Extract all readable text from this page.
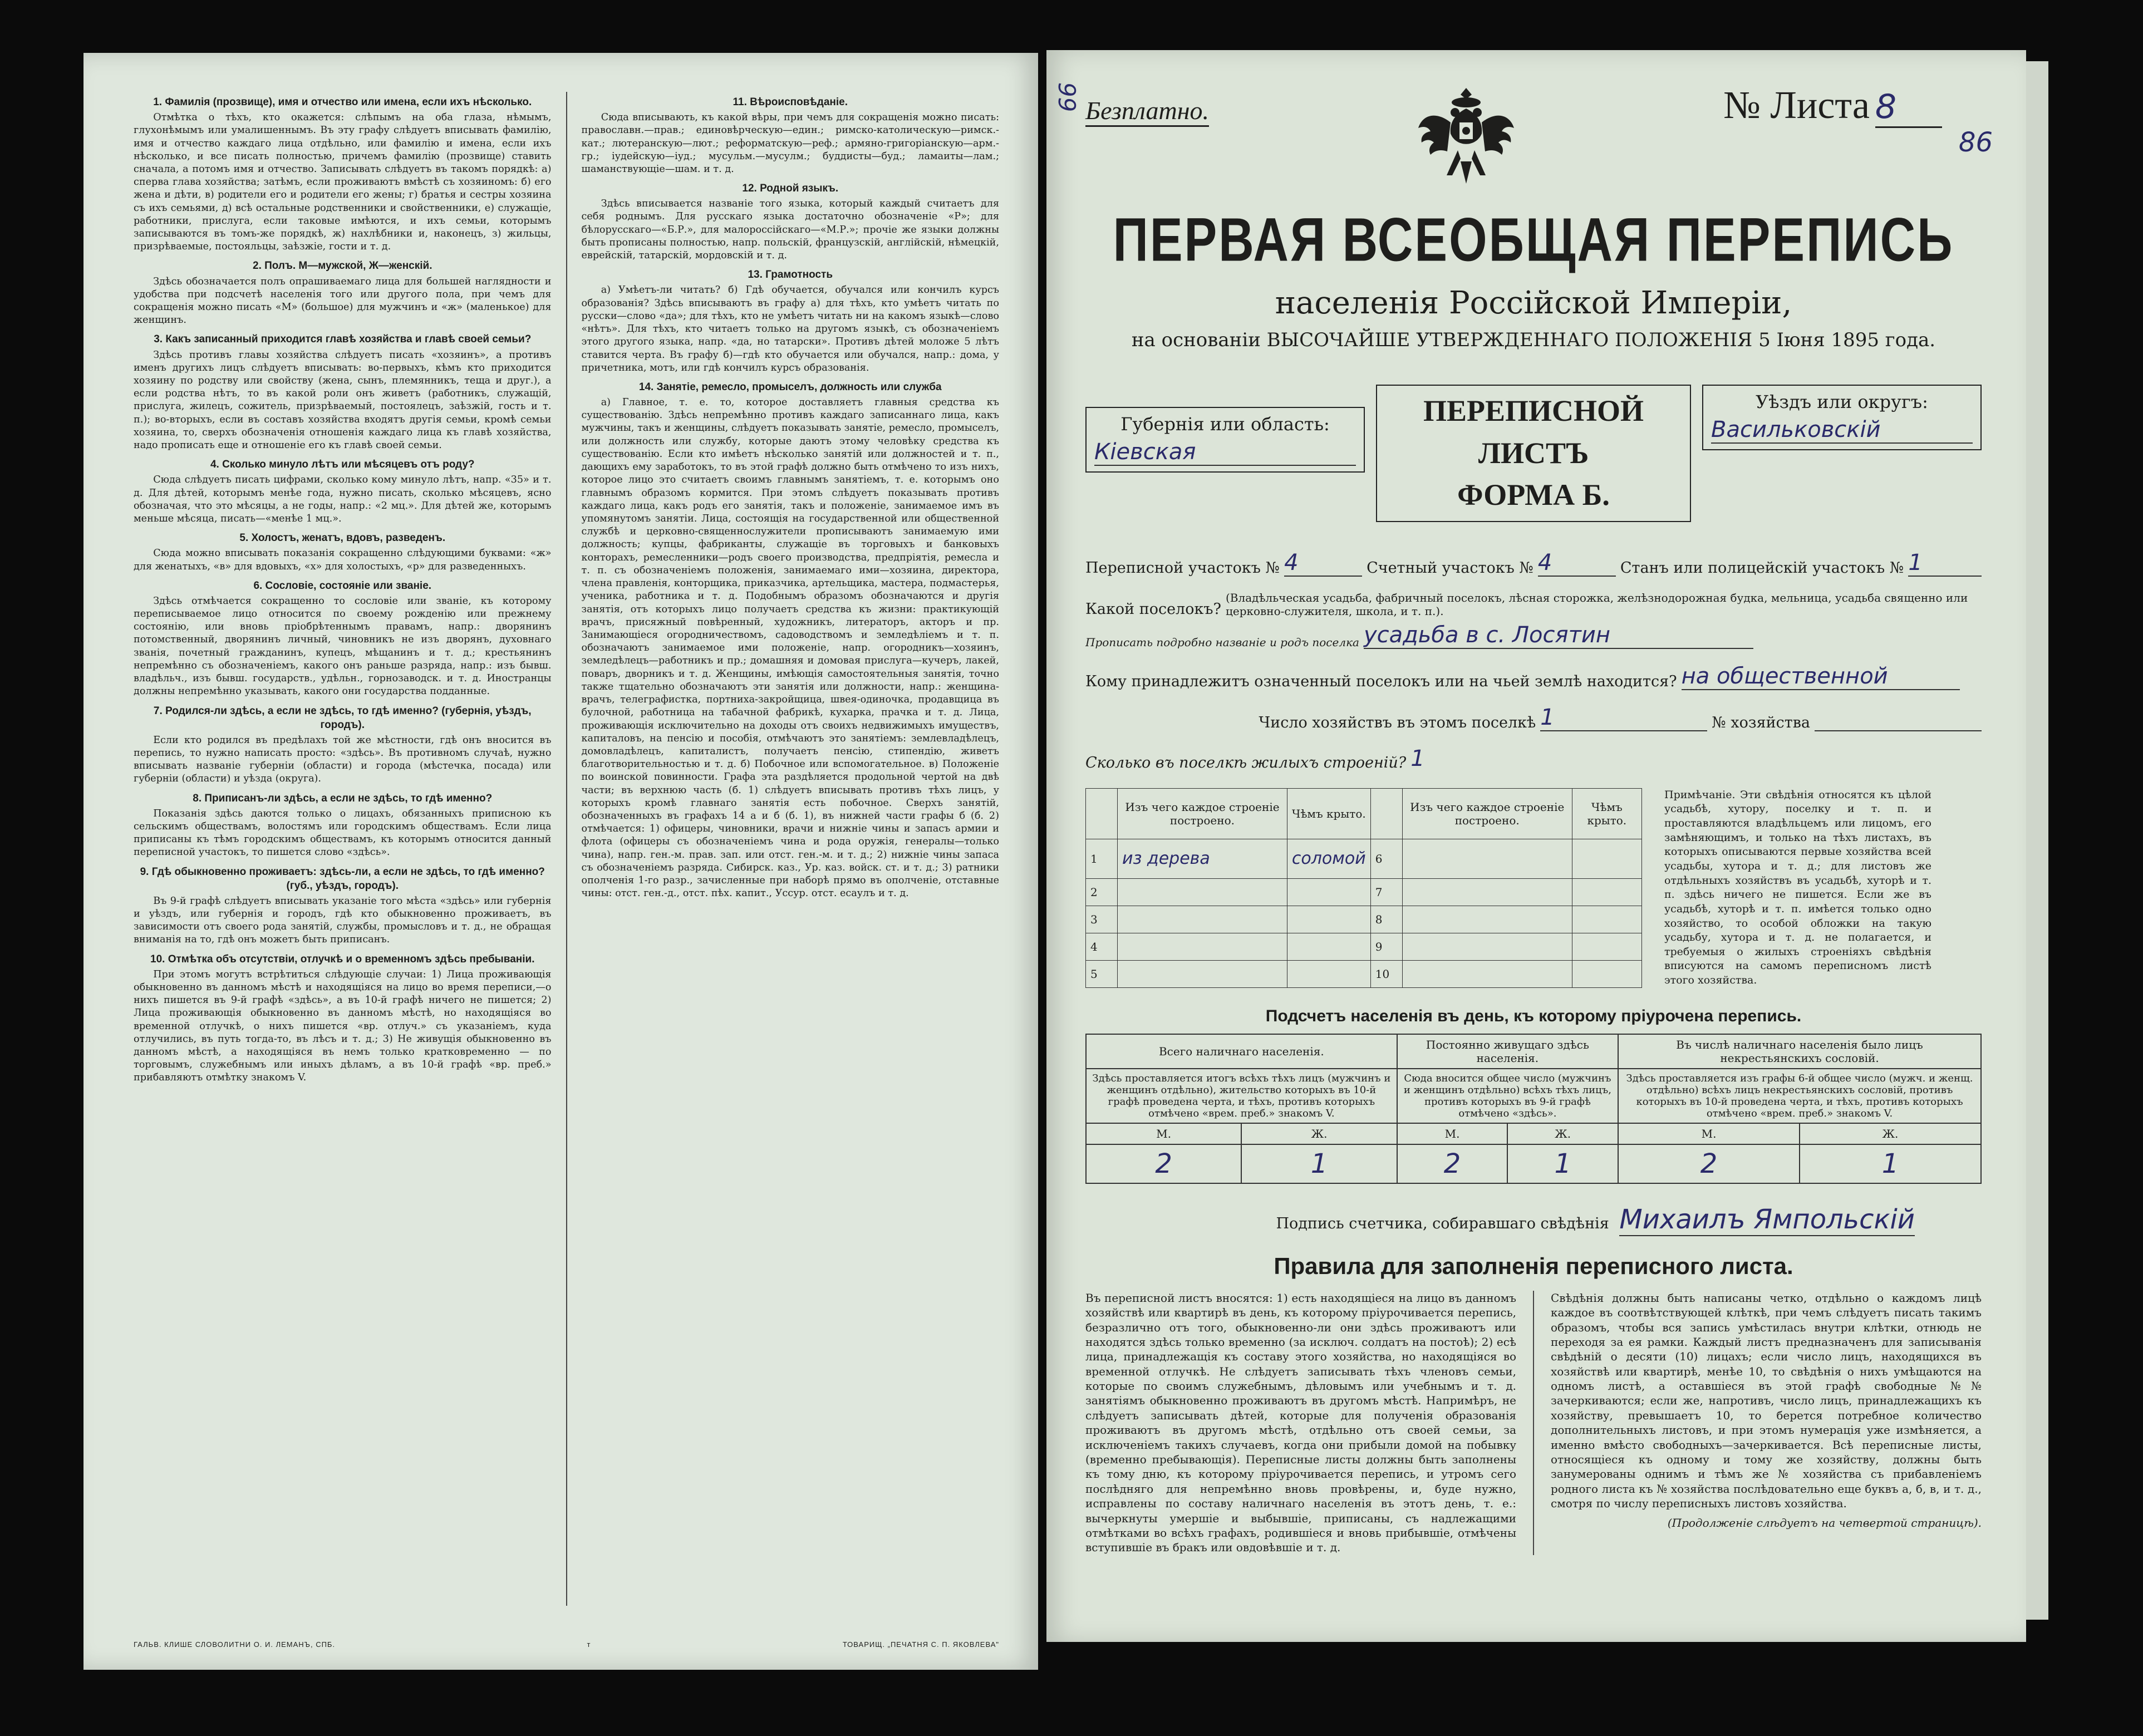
1. Фамилія (прозвище), имя и отчество или имена, если ихъ нѣсколько.

Отмѣтка о тѣхъ, кто окажется: слѣпымъ на оба глаза, нѣмымъ, глухонѣмымъ или умалишеннымъ. Въ эту графу слѣдуетъ вписывать фамилію, имя и отчество каждаго лица отдѣльно, или фамилію и имена, если ихъ нѣсколько, и все писать полностью, причемъ фамилію (прозвище) ставить сначала, а потомъ имя и отчество. Записывать слѣдуетъ въ такомъ порядкѣ: а) сперва глава хозяйства; затѣмъ, если проживаютъ вмѣстѣ съ хозяиномъ: б) его жена и дѣти, в) родители его и родители его жены; г) братья и сестры хозяина съ ихъ семьями, д) всѣ остальные родственники и свойственники, е) служащіе, работники, прислуга, если таковые имѣются, и ихъ семьи, которымъ записываются въ томъ-же порядкѣ, ж) нахлѣбники и, наконецъ, з) жильцы, призрѣваемые, постояльцы, заѣзжіе, гости и т. д.

2. Полъ. М—мужской, Ж—женскій.

Здѣсь обозначается полъ опрашиваемаго лица для большей наглядности и удобства при подсчетѣ населенія того или другого пола, при чемъ для сокращенія можно писать «М» (большое) для мужчинъ и «ж» (маленькое) для женщинъ.

3. Какъ записанный приходится главѣ хозяйства и главѣ своей семьи?

Здѣсь противъ главы хозяйства слѣдуетъ писать «хозяинъ», а противъ именъ другихъ лицъ слѣдуетъ вписывать: во-первыхъ, кѣмъ кто приходится хозяину по родству или свойству (жена, сынъ, племянникъ, теща и друг.), а если родства нѣтъ, то въ какой роли онъ живетъ (работникъ, служащій, прислуга, жилецъ, сожитель, призрѣваемый, постоялецъ, заѣзжій, гость и т. п.); во-вторыхъ, если въ составъ хозяйства входятъ другія семьи, кромѣ семьи хозяина, то, сверхъ обозначенія отношенія каждаго лица къ главѣ хозяйства, надо прописать еще и отношеніе его къ главѣ своей семьи.

4. Сколько минуло лѣтъ или мѣсяцевъ отъ роду?

Сюда слѣдуетъ писать цифрами, сколько кому минуло лѣтъ, напр. «35» и т. д. Для дѣтей, которымъ менѣе года, нужно писать, сколько мѣсяцевъ, ясно обозначая, что это мѣсяцы, а не годы, напр.: «2 мц.». Для дѣтей же, которымъ меньше мѣсяца, писать—«менѣе 1 мц.».

5. Холостъ, женатъ, вдовъ, разведенъ.

Сюда можно вписывать показанія сокращенно слѣдующими буквами: «ж» для женатыхъ, «в» для вдовыхъ, «х» для холостыхъ, «р» для разведенныхъ.

6. Сословіе, состояніе или званіе.

Здѣсь отмѣчается сокращенно то сословіе или званіе, къ которому переписываемое лицо относится по своему рожденію или прежнему состоянію, или вновь пріобрѣтеннымъ правамъ, напр.: дворянинъ потомственный, дворянинъ личный, чиновникъ не изъ дворянъ, духовнаго званія, почетный гражданинъ, купецъ, мѣщанинъ и т. д.; крестьянинъ непремѣнно съ обозначеніемъ, какого онъ раньше разряда, напр.: изъ бывш. владѣльч., изъ бывш. государств., удѣльн., горнозаводск. и т. д. Иностранцы должны непремѣнно указывать, какого они государства подданные.

7. Родился-ли здѣсь, а если не здѣсь, то гдѣ именно? (губернія, уѣздъ, городъ).

Если кто родился въ предѣлахъ той же мѣстности, гдѣ онъ вносится въ перепись, то нужно написать просто: «здѣсь». Въ противномъ случаѣ, нужно вписывать названіе губерніи (области) и города (мѣстечка, посада) или губерніи (области) и уѣзда (округа).

8. Приписанъ-ли здѣсь, а если не здѣсь, то гдѣ именно?

Показанія здѣсь даются только о лицахъ, обязанныхъ приписною къ сельскимъ обществамъ, волостямъ или городскимъ обществамъ. Если лица приписаны къ тѣмъ городскимъ обществамъ, къ которымъ относится данный переписной участокъ, то пишется слово «здѣсь».

9. Гдѣ обыкновенно проживаетъ: здѣсь-ли, а если не здѣсь, то гдѣ именно? (губ., уѣздъ, городъ).

Въ 9-й графѣ слѣдуетъ вписывать указаніе того мѣста «здѣсь» или губернія и уѣздъ, или губернія и городъ, гдѣ кто обыкновенно проживаетъ, въ зависимости отъ своего рода занятій, службы, промысловъ и т. д., не обращая вниманія на то, гдѣ онъ можетъ быть приписанъ.

10. Отмѣтка объ отсутствіи, отлучкѣ и о временномъ здѣсь пребываніи.

При этомъ могутъ встрѣтиться слѣдующіе случаи: 1) Лица проживающія обыкновенно въ данномъ мѣстѣ и находящіяся на лицо во время переписи,—о нихъ пишется въ 9-й графѣ «здѣсь», а въ 10-й графѣ ничего не пишется; 2) Лица проживающія обыкновенно въ данномъ мѣстѣ, но находящіяся во временной отлучкѣ, о нихъ пишется «вр. отлуч.» съ указаніемъ, куда отлучились, въ путь тогда-то, въ лѣсъ и т. д.; 3) Не живущія обыкновенно въ данномъ мѣстѣ, а находящіяся въ немъ только кратковременно — по торговымъ, служебнымъ или иныхъ дѣламъ, а въ 10-й графѣ «вр. преб.» прибавляютъ отмѣтку знакомъ V.

11. Вѣроисповѣданіе.

Сюда вписывають, къ какой вѣры, при чемъ для сокращенія можно писать: православн.—прав.; единовѣрческую—един.; римско-католическую—римск.-кат.; лютеранскую—лют.; реформатскую—реф.; армяно-григоріанскую—арм.-гр.; іудейскую—іуд.; мусульм.—мусулм.; буддисты—буд.; ламаиты—лам.; шаманствующіе—шам. и т. д.

12. Родной языкъ.

Здѣсь вписывается названіе того языка, который каждый считаетъ для себя роднымъ. Для русскаго языка достаточно обозначеніе «Р»; для бѣлорусскаго—«Б.Р.», для малороссійскаго—«М.Р.»; прочіе же языки должны быть прописаны полностью, напр. польскій, французскій, англійскій, нѣмецкій, еврейскій, татарскій, мордовскій и т. д.

13. Грамотность

а) Умѣетъ-ли читать? б) Гдѣ обучается, обучался или кончилъ курсъ образованія? Здѣсь вписываютъ въ графу а) для тѣхъ, кто умѣетъ читать по русски—слово «да»; для тѣхъ, кто не умѣетъ читать ни на какомъ языкѣ—слово «нѣтъ». Для тѣхъ, кто читаетъ только на другомъ языкѣ, съ обозначеніемъ этого другого языка, напр. «да, но татарски». Противъ дѣтей моложе 5 лѣтъ ставится черта. Въ графу б)—гдѣ кто обучается или обучался, напр.: дома, у причетника, мотъ, или гдѣ кончилъ курсъ образованія.

14. Занятіе, ремесло, промыселъ, должность или служба

а) Главное, т. е. то, которое доставляетъ главныя средства къ существованію. Здѣсь непремѣнно противъ каждаго записаннаго лица, какъ мужчины, такъ и женщины, слѣдуетъ показывать занятіе, ремесло, промыселъ, или должность или службу, которые даютъ этому человѣку средства къ существованію. Если кто имѣетъ нѣсколько занятій или должностей и т. п., дающихъ ему заработокъ, то въ этой графѣ должно быть отмѣчено то изъ нихъ, которое лицо это считаетъ своимъ главнымъ занятіемъ, т. е. которымъ оно главнымъ образомъ кормится. При этомъ слѣдуетъ показывать противъ каждаго лица, какъ родъ его занятія, такъ и положеніе, занимаемое имъ въ упомянутомъ занятіи. Лица, состоящія на государственной или общественной службѣ и церковно-священнослужители прописываютъ занимаемую ими должность; купцы, фабриканты, служащіе въ торговыхъ и банковыхъ конторахъ, ремесленники—родъ своего производства, предпріятія, ремесла и т. п. съ обозначеніемъ положенія, занимаемаго ими—хозяина, директора, члена правленія, конторщика, приказчика, артельщика, мастера, подмастерья, ученика, работника и т. д. Подобнымъ образомъ обозначаются и другія занятія, отъ которыхъ лицо получаетъ средства къ жизни: практикующій врачъ, присяжный повѣренный, художникъ, литераторъ, акторъ и пр. Занимающіеся огородничествомъ, садоводствомъ и земледѣліемъ и т. п. обозначаютъ занимаемое ими положеніе, напр. огородникъ—хозяинъ, земледѣлецъ—работникъ и пр.; домашняя и домовая прислуга—кучеръ, лакей, поваръ, дворникъ и т. д. Женщины, имѣющія самостоятельныя занятія, точно также тщательно обозначаютъ эти занятія или должности, напр.: женщина-врачъ, телеграфистка, портниха-закройщица, швея-одиночка, продавщица въ булочной, работница на табачной фабрикѣ, кухарка, прачка и т. д. Лица, проживающія исключительно на доходы отъ своихъ недвижимыхъ имуществъ, капиталовъ, на пенсію и пособія, отмѣчаютъ это занятіемъ: землевладѣлецъ, домовладѣлецъ, капиталистъ, получаетъ пенсію, стипендію, живетъ благотворительностью и т. д. б) Побочное или вспомогательное. в) Положеніе по воинской повинности. Графа эта раздѣляется продольной чертой на двѣ части; въ верхнюю часть (б. 1) слѣдуетъ вписывать противъ тѣхъ лицъ, у которыхъ кромѣ главнаго занятія есть побочное. Сверхъ занятій, обозначенныхъ въ графахъ 14 а и б (б. 1), въ нижней части графы б (б. 2) отмѣчается: 1) офицеры, чиновники, врачи и нижніе чины и запасъ армии и флота (офицеры съ обозначеніемъ чина и рода оружія, генералы—только чина), напр. ген.-м. прав. зап. или отст. ген.-м. и т. д.; 2) нижніе чины запаса съ обозначеніемъ разряда. Сибирск. каз., Ур. каз. войск. ст. и т. д.; 3) ратники ополченія 1-го разр., зачисленные при наборѣ прямо въ ополченіе, отставные чины: отст. ген.-д., отст. пѣх. капит., Уссур. отст. есаулъ и т. д.

ГАЛЬВ. КЛИШЕ СЛОВОЛИТНИ О. И. ЛЕМАНЪ, СПБ.	т	ТОВАРИЩ. „ПЕЧАТНЯ С. П. ЯКОВЛЕВА"
99 Безплатно.	№ Листа 8
86
ПЕРВАЯ ВСЕОБЩАЯ ПЕРЕПИСЬ
населенія Россійской Имперіи,
на основаніи ВЫСОЧАЙШЕ УТВЕРЖДЕННАГО ПОЛОЖЕНІЯ 5 Іюня 1895 года.
Губернія или область:
Кіевская
ПЕРЕПИСНОЙ ЛИСТЪ
ФОРМА Б.
Уѣздъ или округъ:
Васильковскій
Переписной участокъ № 4	Счетный участокъ № 4	Станъ или полицейскій участокъ № 1
Какой поселокъ?
(Владѣльческая усадьба, фабричный поселокъ, лѣсная сторожка, желѣзнодорожная будка, мельница, усадьба священно или церковно-служителя, школа, и т. п.).
Прописать подробно названіе и родъ поселка усадьба в с. Лосятин
Кому принадлежитъ означенный поселокъ или на чьей землѣ находится? на общественной
Число хозяйствъ въ этомъ поселкѣ 1	№ хозяйства
Сколько въ поселкѣ жилыхъ строеній? 1
	Изъ чего каждое строеніе построено.	Чѣмъ крыто.		Изъ чего каждое строеніе построено.	Чѣмъ крыто.
1	из дерева	соломой	6		
2			7		
3			8		
4			9		
5			10		
Примѣчаніе. Эти свѣдѣнія относятся къ цѣлой усадьбѣ, хутору, поселку и т. п. и проставляются владѣльцемъ или лицомъ, его замѣняющимъ, и только на тѣхъ листахъ, въ которыхъ описываются первые хозяйства всей усадьбы, хутора и т. д.; для листовъ же отдѣльныхъ хозяйствъ въ усадьбѣ, хуторѣ и т. п. здѣсь ничего не пишется. Если же въ усадьбѣ, хуторѣ и т. п. имѣется только одно хозяйство, то особой обложки на такую усадьбу, хутора и т. д. не полагается, и требуемыя о жилыхъ строеніяхъ свѣдѣнія вписуются на самомъ переписномъ листѣ этого хозяйства.
Подсчетъ населенія въ день, къ которому пріурочена перепись.
Всего наличнаго населенія.		Постоянно живущаго здѣсь населенія.		Въ числѣ наличнаго населенія было лицъ некрестьянскихъ сословій.	
Здѣсь проставляется итогъ всѣхъ тѣхъ лицъ (мужчинъ и женщинъ отдѣльно), жительство которыхъ въ 10-й графѣ проведена черта, и тѣхъ, противъ которыхъ отмѣчено «врем. преб.» знакомъ V.		Сюда вносится общее число (мужчинъ и женщинъ отдѣльно) всѣхъ тѣхъ лицъ, противъ которыхъ въ 9-й графѣ отмѣчено «здѣсь».		Здѣсь проставляется изъ графы 6-й общее число (мужч. и женщ. отдѣльно) всѣхъ лицъ некрестьянскихъ сословій, противъ которыхъ въ 10-й проведена черта, и тѣхъ, противъ которыхъ отмѣчено «врем. преб.» знакомъ V.	
М.	Ж.	М.	Ж.	М.	Ж.
2	1	2	1	2	1
Подпись счетчика, собиравшаго свѣдѣнія Михаилъ Ямпольскій
Правила для заполненія переписного листа.
Въ переписной листъ вносятся: 1) есть находящіеся на лицо въ данномъ хозяйствѣ или квартирѣ въ день, къ которому пріурочивается перепись, безразлично отъ того, обыкновенно-ли они здѣсь проживаютъ или находятся здѣсь только временно (за исключ. солдатъ на постоѣ); 2) есѣ лица, принадлежащія къ составу этого хозяйства, но находящіяся во временной отлучкѣ. Не слѣдуетъ записывать тѣхъ членовъ семьи, которые по своимъ служебнымъ, дѣловымъ или учебнымъ и т. д. занятіямъ обыкновенно проживаютъ въ другомъ мѣстѣ. Напримѣръ, не слѣдуетъ записывать дѣтей, которые для полученія образованія проживаютъ въ другомъ мѣстѣ, отдѣльно отъ своей семьи, за исключеніемъ такихъ случаевъ, когда они прибыли домой на побывку (временно пребывающія). Переписные листы должны быть заполнены къ тому дню, къ которому пріурочивается перепись, и утромъ сего послѣдняго для непремѣнно вновь провѣрены, и, буде нужно, исправлены по составу наличнаго населенія въ этотъ день, т. е.: вычеркнуты умершіе и выбывшіе, приписаны, съ надлежащими отмѣтками во всѣхъ графахъ, родившіеся и вновь прибывшіе, отмѣчены вступившіе въ бракъ или овдовѣвшіе и т. д.
Свѣдѣнія должны быть написаны четко, отдѣльно о каждомъ лицѣ каждое въ соотвѣтствующей клѣткѣ, при чемъ слѣдуетъ писать такимъ образомъ, чтобы вся запись умѣстилась внутри клѣтки, отнюдь не переходя за ея рамки. Каждый листъ предназначенъ для записыванія свѣдѣній о десяти (10) лицахъ; если число лицъ, находящихся въ хозяйствѣ или квартирѣ, менѣе 10, то свѣдѣнія о нихъ умѣщаются на одномъ листѣ, а оставшіеся въ этой графѣ свободные №№ зачеркиваются; если же, напротивъ, число лицъ, принадлежащихъ къ хозяйству, превышаетъ 10, то берется потребное количество дополнительныхъ листовъ, и при этомъ нумерація уже измѣняется, а именно вмѣсто свободныхъ—зачеркивается. Всѣ переписные листы, относящіеся къ одному и тому же хозяйству, должны быть занумерованы однимъ и тѣмъ же № хозяйства съ прибавленіемъ родного листа къ № хозяйства послѣдовательно еще буквъ а, б, в, и т. д., смотря по числу переписныхъ листовъ хозяйства.
(Продолженіе слѣдуетъ на четвертой страницѣ).
